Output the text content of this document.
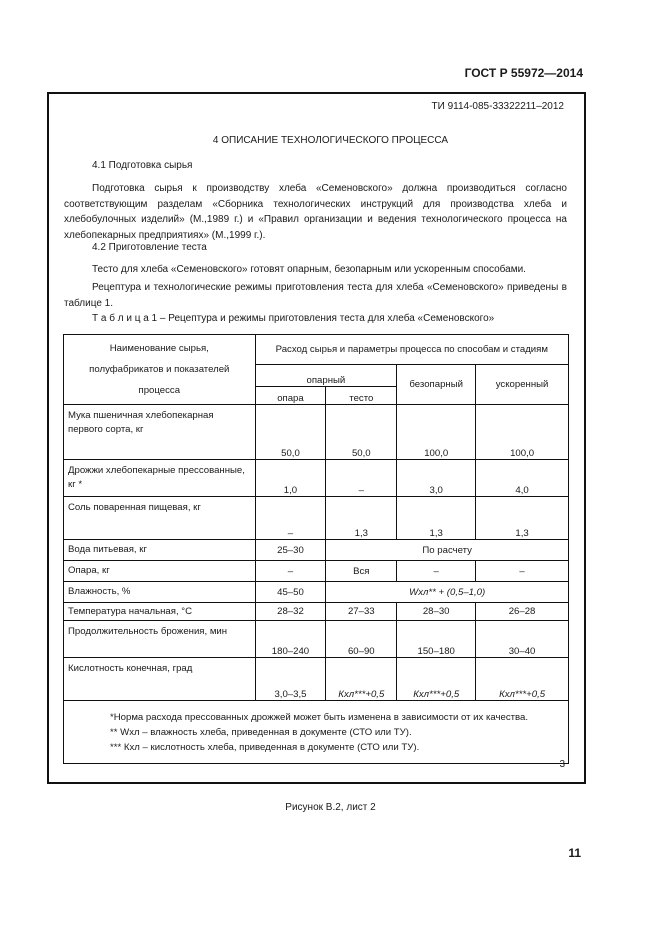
ГОСТ Р 55972—2014
ТИ 9114-085-33322211–2012
4 ОПИСАНИЕ ТЕХНОЛОГИЧЕСКОГО ПРОЦЕССА
4.1 Подготовка сырья
Подготовка сырья к производству хлеба «Семеновского» должна производиться согласно соответствующим разделам «Сборника технологических инструкций для производства хлеба и хлебобулочных изделий» (М.,1989 г.) и «Правил организации и ведения технологического процесса на хлебопекарных предприятиях» (М.,1999 г.).
4.2 Приготовление теста
Тесто для хлеба «Семеновского» готовят опарным, безопарным или ускоренным способами.
Рецептура и технологические режимы приготовления теста для хлеба «Семеновского» приведены в таблице 1.
Т а б л и ц а 1 – Рецептура и режимы приготовления теста для хлеба «Семеновского»
Наименование сырья, полуфабрикатов и показателей процесса	Расход сырья и параметры процесса по способам и стадиям			
	опарный		безопарный	ускоренный
	опара	тесто		
Мука пшеничная хлебопекарная первого сорта, кг	50,0	50,0	100,0	100,0
Дрожжи хлебопекарные прессованные, кг *	1,0	–	3,0	4,0
Соль поваренная пищевая, кг	–	1,3	1,3	1,3
Вода питьевая, кг	25–30	По расчету		
Опара, кг	–	Вся	–	–
Влажность, %	45–50	Wхл** + (0,5–1,0)		
Температура начальная, °С	28–32	27–33	28–30	26–28
Продолжительность брожения, мин	180–240	60–90	150–180	30–40
Кислотность конечная, град	3,0–3,5	Кхл***+0,5	Кхл***+0,5	Кхл***+0,5

*Норма расхода прессованных дрожжей может быть изменена в зависимости от их качества.
** Wхл – влажность хлеба, приведенная в документе (СТО или ТУ).
*** Кхл – кислотность хлеба, приведенная в документе (СТО или ТУ).				
3
Рисунок В.2, лист 2
11
